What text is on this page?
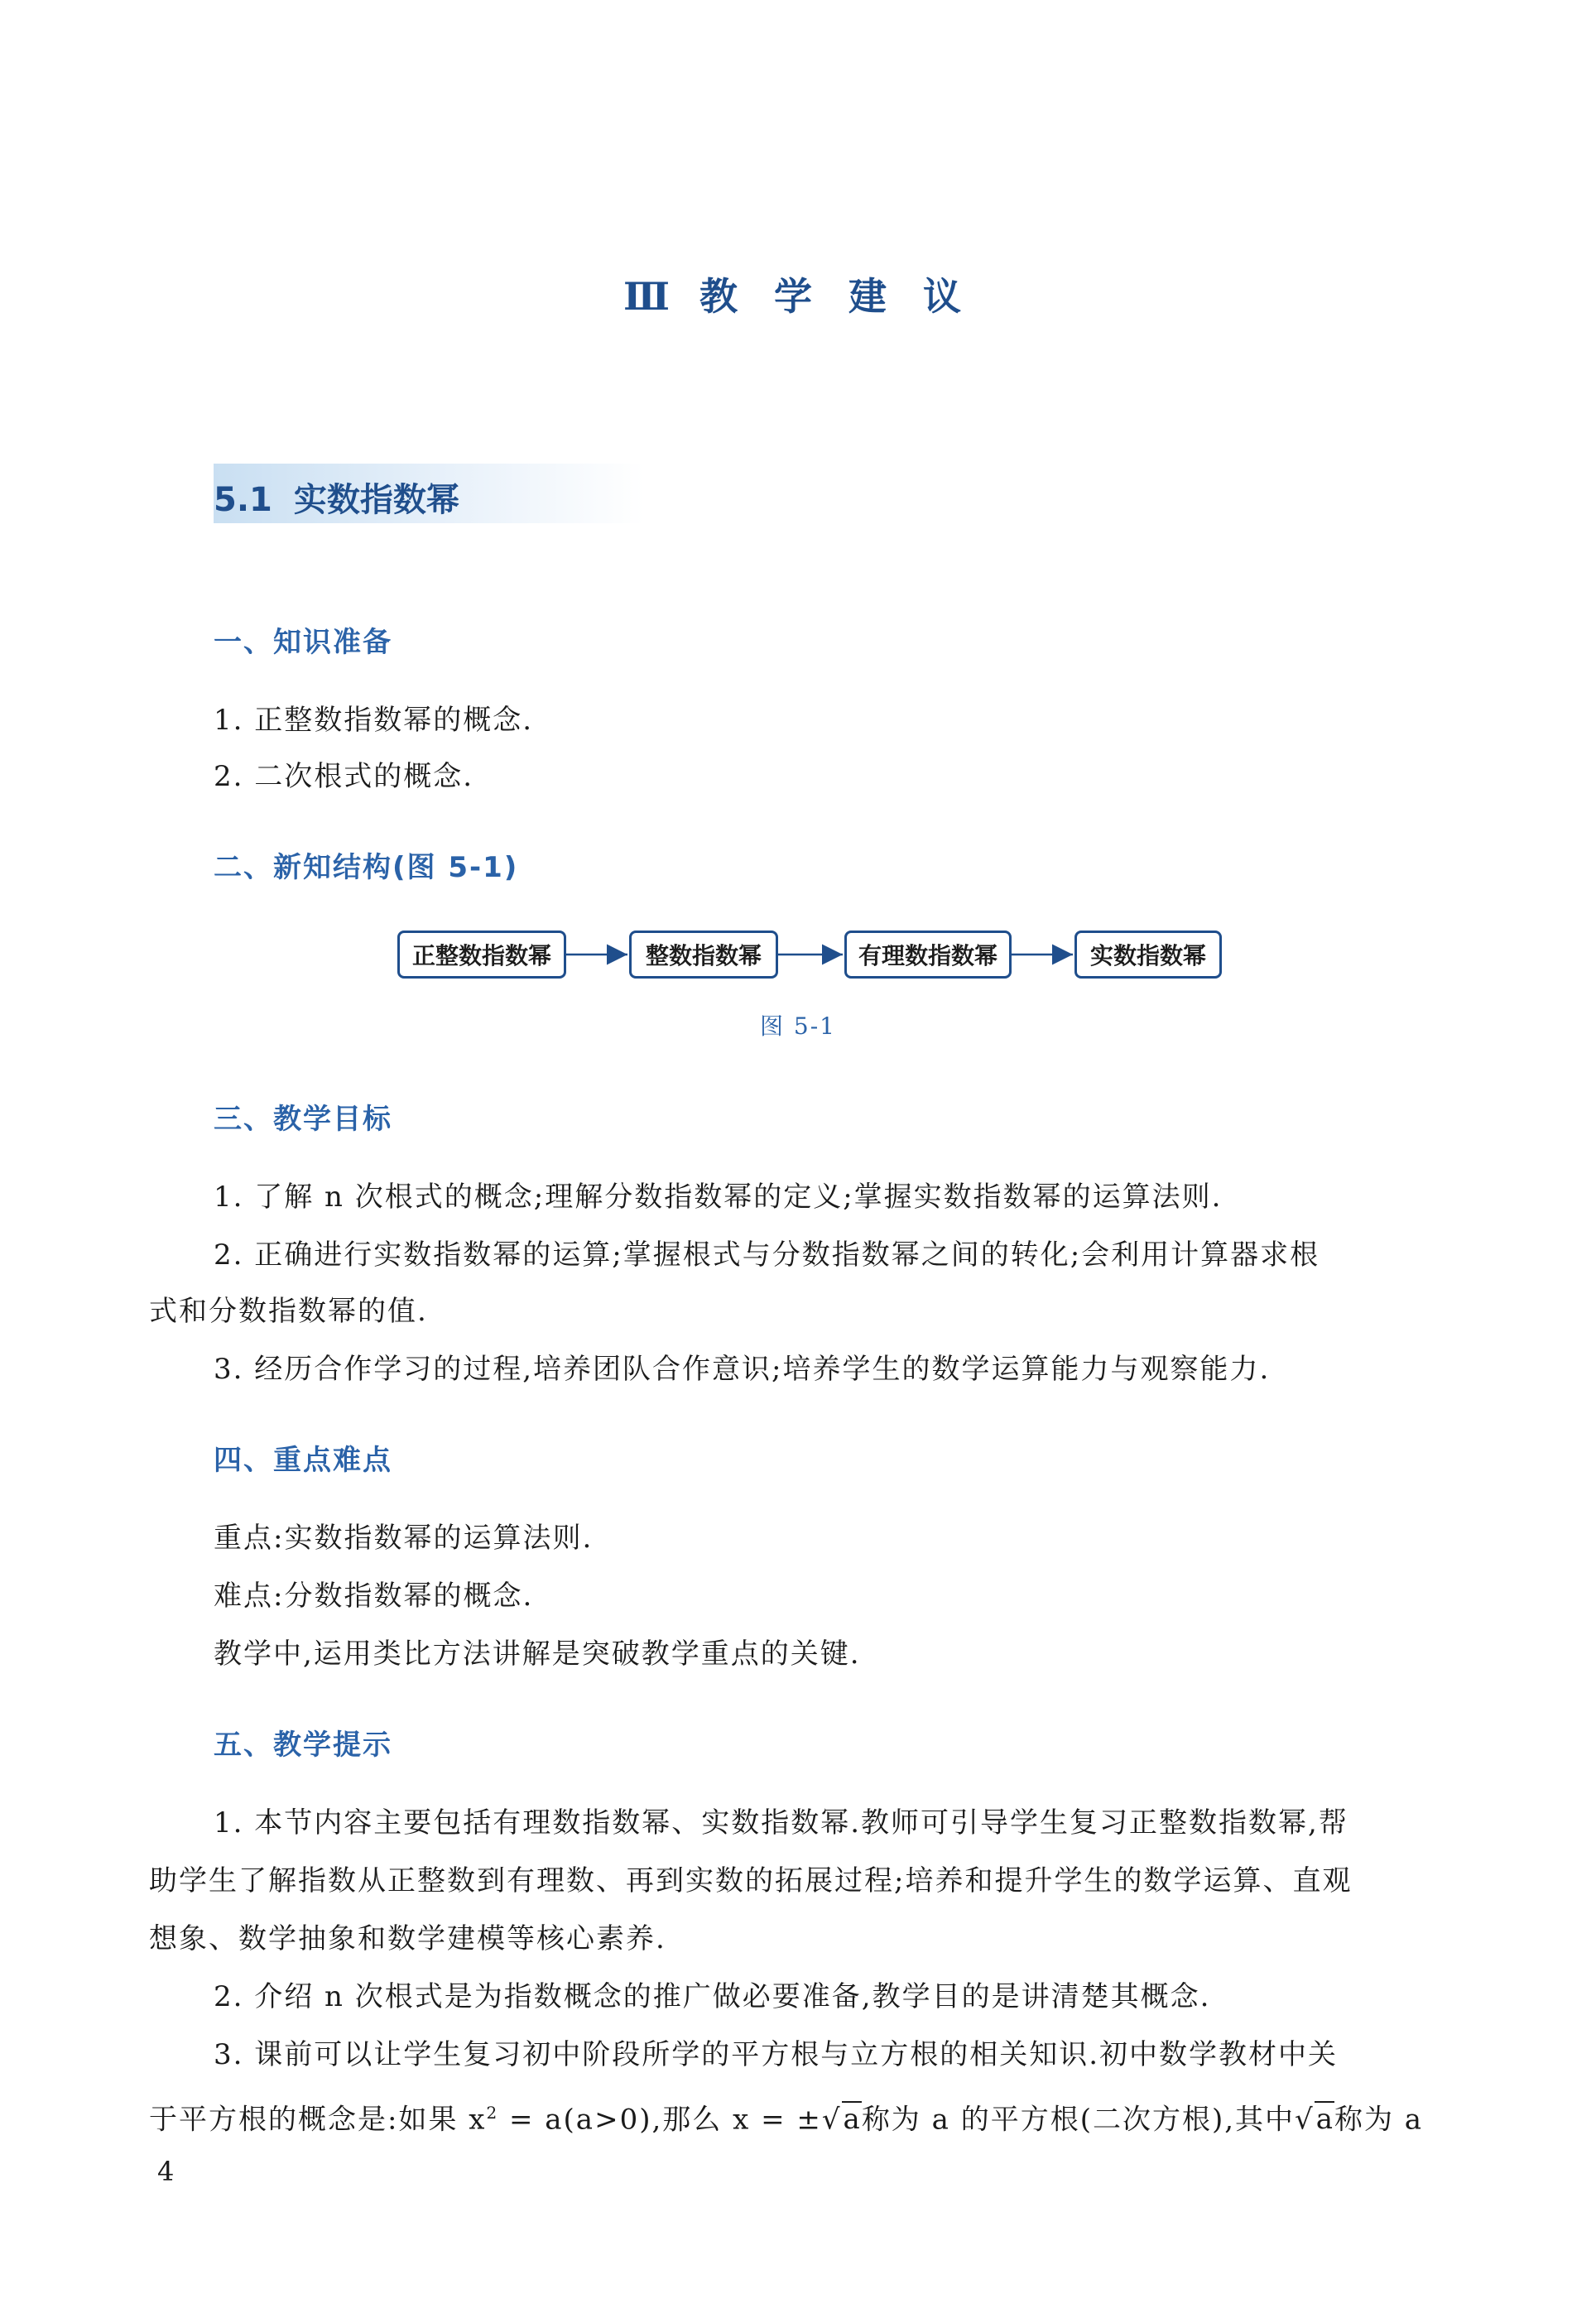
Ⅲ 教 学 建 议
5.1 实数指数幂
一、知识准备
1. 正整数指数幂的概念.
2. 二次根式的概念.
二、新知结构(图 5-1)
正整数指数幂	整数指数幂	有理数指数幂	实数指数幂
图 5-1
三、教学目标
1. 了解 n 次根式的概念;理解分数指数幂的定义;掌握实数指数幂的运算法则.
2. 正确进行实数指数幂的运算;掌握根式与分数指数幂之间的转化;会利用计算器求根
式和分数指数幂的值.
3. 经历合作学习的过程,培养团队合作意识;培养学生的数学运算能力与观察能力.
四、重点难点
重点:实数指数幂的运算法则.
难点:分数指数幂的概念.
教学中,运用类比方法讲解是突破教学重点的关键.
五、教学提示
1. 本节内容主要包括有理数指数幂、实数指数幂.教师可引导学生复习正整数指数幂,帮
助学生了解指数从正整数到有理数、再到实数的拓展过程;培养和提升学生的数学运算、直观
想象、数学抽象和数学建模等核心素养.
2. 介绍 n 次根式是为指数概念的推广做必要准备,教学目的是讲清楚其概念.
3. 课前可以让学生复习初中阶段所学的平方根与立方根的相关知识.初中数学教材中关
于平方根的概念是:如果 $x^2 = a(a>0)$,那么 x = ±√a称为 a 的平方根(二次方根),其中√a称为 a
4
